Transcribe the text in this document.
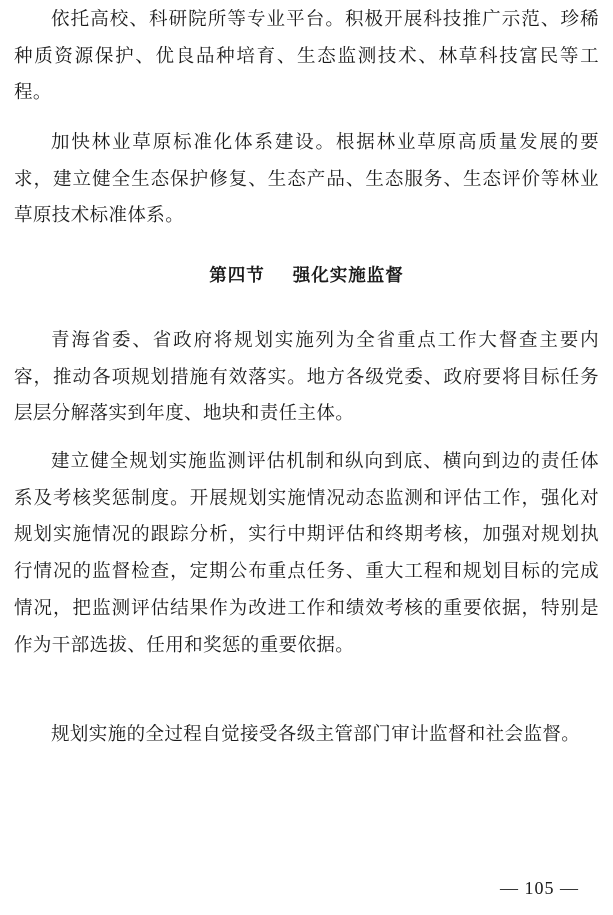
依托高校、科研院所等专业平台。积极开展科技推广示范、珍稀种质资源保护、优良品种培育、生态监测技术、林草科技富民等工程。

加快林业草原标准化体系建设。根据林业草原高质量发展的要求，建立健全生态保护修复、生态产品、生态服务、生态评价等林业草原技术标准体系。

第四节 强化实施监督

青海省委、省政府将规划实施列为全省重点工作大督查主要内容，推动各项规划措施有效落实。地方各级党委、政府要将目标任务层层分解落实到年度、地块和责任主体。

建立健全规划实施监测评估机制和纵向到底、横向到边的责任体系及考核奖惩制度。开展规划实施情况动态监测和评估工作，强化对规划实施情况的跟踪分析，实行中期评估和终期考核，加强对规划执行情况的监督检查，定期公布重点任务、重大工程和规划目标的完成情况，把监测评估结果作为改进工作和绩效考核的重要依据，特别是作为干部选拔、任用和奖惩的重要依据。

规划实施的全过程自觉接受各级主管部门审计监督和社会监督。

— 105 —
